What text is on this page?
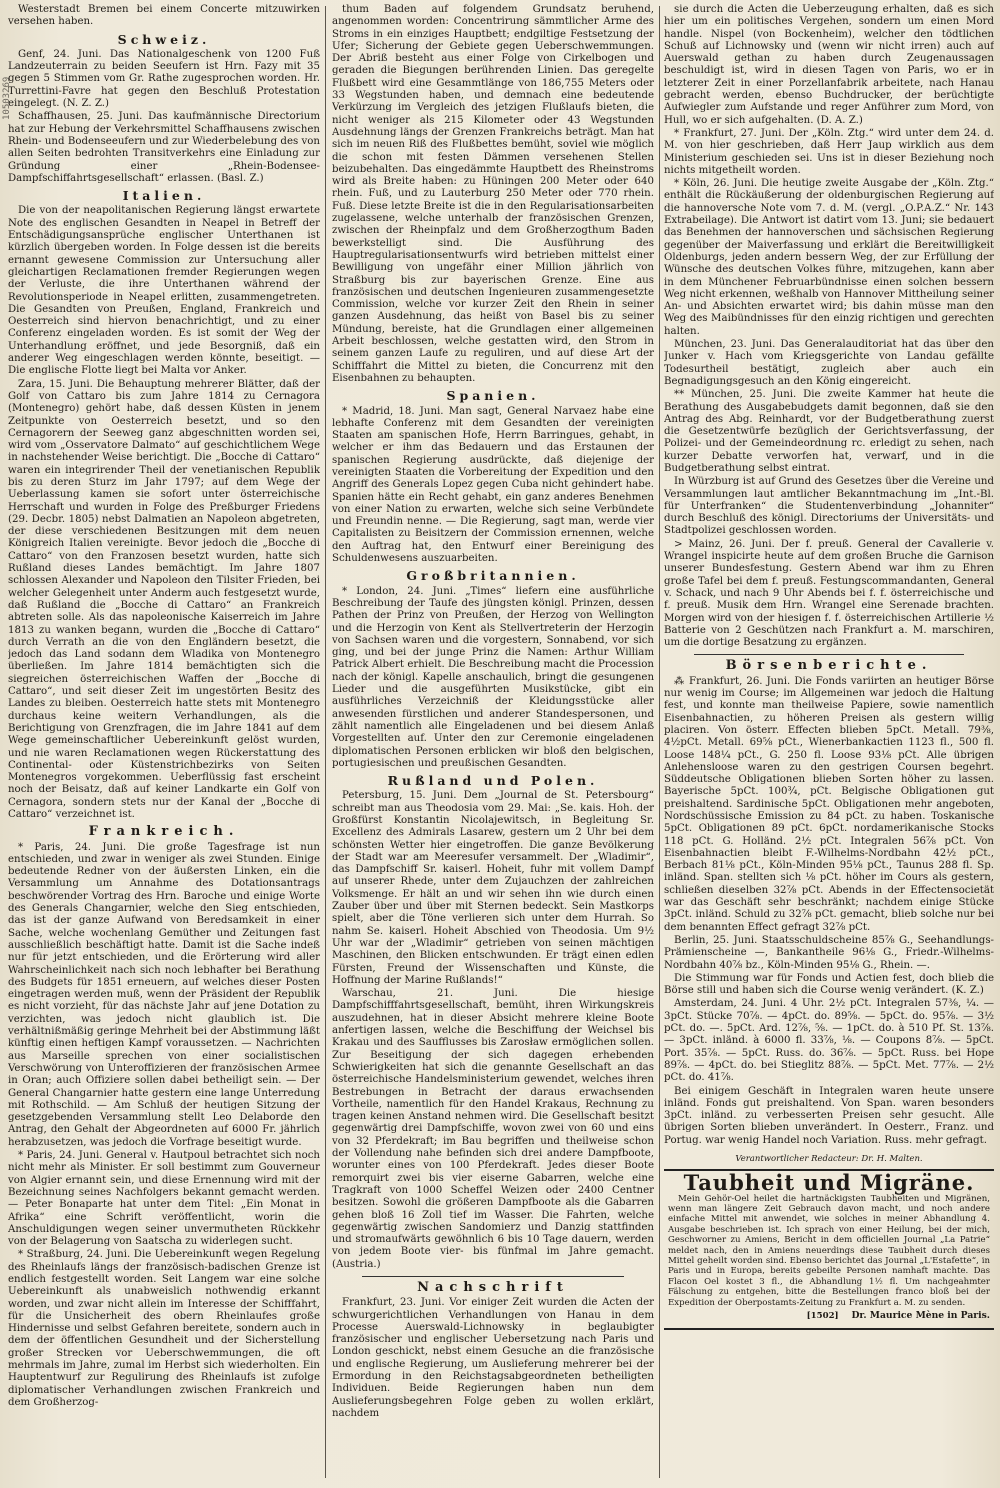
10503269

Westerstadt Bremen bei einem Concerte mitzuwirken versehen haben.

Schweiz.

Genf, 24. Juni. Das Nationalgeschenk von 1200 Fuß Landzeuterrain zu beiden Seeufern ist Hrn. Fazy mit 35 gegen 5 Stimmen vom Gr. Rathe zugesprochen worden. Hr. Turrettini-Favre hat gegen den Beschluß Protestation eingelegt. (N. Z. Z.)

Schaffhausen, 25. Juni. Das kaufmännische Directorium hat zur Hebung der Verkehrsmittel Schaffhausens zwischen Rhein- und Bodenseeufern und zur Wiederbelebung des von allen Seiten bedrohten Transitverkehrs eine Einladung zur Gründung einer „Rhein-Bodensee-Dampfschiffahrtsgesellschaft“ erlassen. (Basl. Z.)

Italien.

Die von der neapolitanischen Regierung längst erwartete Note des englischen Gesandten in Neapel in Betreff der Entschädigungsansprüche englischer Unterthanen ist kürzlich übergeben worden. In Folge dessen ist die bereits ernannt gewesene Commission zur Untersuchung aller gleichartigen Reclamationen fremder Regierungen wegen der Verluste, die ihre Unterthanen während der Revolutionsperiode in Neapel erlitten, zusammengetreten. Die Gesandten von Preußen, England, Frankreich und Oesterreich sind hiervon benachrichtigt, und zu einer Conferenz eingeladen worden. Es ist somit der Weg der Unterhandlung eröffnet, und jede Besorgniß, daß ein anderer Weg eingeschlagen werden könnte, beseitigt. — Die englische Flotte liegt bei Malta vor Anker.

Zara, 15. Juni. Die Behauptung mehrerer Blätter, daß der Golf von Cattaro bis zum Jahre 1814 zu Cernagora (Montenegro) gehört habe, daß dessen Küsten in jenem Zeitpunkte von Oesterreich besetzt, und so den Cernagorern der Seeweg ganz abgeschnitten worden sei, wird vom „Osservatore Dalmato“ auf geschichtlichem Wege in nachstehender Weise berichtigt. Die „Bocche di Cattaro“ waren ein integrirender Theil der venetianischen Republik bis zu deren Sturz im Jahr 1797; auf dem Wege der Ueberlassung kamen sie sofort unter österreichische Herrschaft und wurden in Folge des Preßburger Friedens (29. Decbr. 1805) nebst Dalmatien an Napoleon abgetreten, der diese verschiedenen Besitzungen mit dem neuen Königreich Italien vereinigte. Bevor jedoch die „Bocche di Cattaro“ von den Franzosen besetzt wurden, hatte sich Rußland dieses Landes bemächtigt. Im Jahre 1807 schlossen Alexander und Napoleon den Tilsiter Frieden, bei welcher Gelegenheit unter Anderm auch festgesetzt wurde, daß Rußland die „Bocche di Cattaro“ an Frankreich abtreten solle. Als das napoleonische Kaiserreich im Jahre 1813 zu wanken begann, wurden die „Bocche di Cattaro“ durch Verrath an die von den Engländern besetzt, die jedoch das Land sodann dem Wladika von Montenegro überließen. Im Jahre 1814 bemächtigten sich die siegreichen österreichischen Waffen der „Bocche di Cattaro“, und seit dieser Zeit im ungestörten Besitz des Landes zu bleiben. Oesterreich hatte stets mit Montenegro durchaus keine weitern Verhandlungen, als die Berichtigung von Grenzfragen, die im Jahre 1841 auf dem Wege gemeinschaftlicher Uebereinkunft gelöst wurden, und nie waren Reclamationen wegen Rückerstattung des Continental- oder Küstenstrichbezirks von Seiten Montenegros vorgekommen. Ueberflüssig fast erscheint noch der Beisatz, daß auf keiner Landkarte ein Golf von Cernagora, sondern stets nur der Kanal der „Bocche di Cattaro“ verzeichnet ist.

Frankreich.

* Paris, 24. Juni. Die große Tagesfrage ist nun entschieden, und zwar in weniger als zwei Stunden. Einige bedeutende Redner von der äußersten Linken, ein die Versammlung um Annahme des Dotationsantrags beschwörender Vortrag des Hrn. Baroche und einige Worte des Generals Changarnier, welche den Sieg entschieden, das ist der ganze Aufwand von Beredsamkeit in einer Sache, welche wochenlang Gemüther und Zeitungen fast ausschließlich beschäftigt hatte. Damit ist die Sache indeß nur für jetzt entschieden, und die Erörterung wird aller Wahrscheinlichkeit nach sich noch lebhafter bei Berathung des Budgets für 1851 erneuern, auf welches dieser Posten eingetragen werden muß, wenn der Präsident der Republik es nicht vorzieht, für das nächste Jahr auf jene Dotation zu verzichten, was jedoch nicht glaublich ist. Die verhältnißmäßig geringe Mehrheit bei der Abstimmung läßt künftig einen heftigen Kampf voraussetzen. — Nachrichten aus Marseille sprechen von einer socialistischen Verschwörung von Unteroffizieren der französischen Armee in Oran; auch Offiziere sollen dabei betheiligt sein. — Der General Changarnier hatte gestern eine lange Unterredung mit Rothschild. — Am Schluß der heutigen Sitzung der gesetzgebenden Versammlung stellt Leo Delaborde den Antrag, den Gehalt der Abgeordneten auf 6000 Fr. jährlich herabzusetzen, was jedoch die Vorfrage beseitigt wurde.

* Paris, 24. Juni. General v. Hautpoul betrachtet sich noch nicht mehr als Minister. Er soll bestimmt zum Gouverneur von Algier ernannt sein, und diese Ernennung wird mit der Bezeichnung seines Nachfolgers bekannt gemacht werden. — Peter Bonaparte hat unter dem Titel: „Ein Monat in Afrika“ eine Schrift veröffentlicht, worin die Anschuldigungen wegen seiner unvermutheten Rückkehr von der Belagerung von Saatscha zu widerlegen sucht.

* Straßburg, 24. Juni. Die Uebereinkunft wegen Regelung des Rheinlaufs längs der französisch-badischen Grenze ist endlich festgestellt worden. Seit Langem war eine solche Uebereinkunft als unabweislich nothwendig erkannt worden, und zwar nicht allein im Interesse der Schifffahrt, für die Unsicherheit des obern Rheinlaufes große Hindernisse und selbst Gefahren bereitete, sondern auch in dem der öffentlichen Gesundheit und der Sicherstellung großer Strecken vor Ueberschwemmungen, die oft mehrmals im Jahre, zumal im Herbst sich wiederholten. Ein Hauptentwurf zur Regulirung des Rheinlaufs ist zufolge diplomatischer Verhandlungen zwischen Frankreich und dem Großherzog-

thum Baden auf folgendem Grundsatz beruhend, angenommen worden: Concentrirung sämmtlicher Arme des Stroms in ein einziges Hauptbett; endgiltige Festsetzung der Ufer; Sicherung der Gebiete gegen Ueberschwemmungen. Der Abriß besteht aus einer Folge von Cirkelbogen und geraden die Biegungen berührenden Linien. Das geregelte Flußbett wird eine Gesammtlänge von 186,755 Meters oder 33 Wegstunden haben, und demnach eine bedeutende Verkürzung im Vergleich des jetzigen Flußlaufs bieten, die nicht weniger als 215 Kilometer oder 43 Wegstunden Ausdehnung längs der Grenzen Frankreichs beträgt. Man hat sich im neuen Riß des Flußbettes bemüht, soviel wie möglich die schon mit festen Dämmen versehenen Stellen beizubehalten. Das eingedämmte Hauptbett des Rheinstroms wird als Breite haben: zu Hüningen 200 Meter oder 640 rhein. Fuß, und zu Lauterburg 250 Meter oder 770 rhein. Fuß. Diese letzte Breite ist die in den Regularisationsarbeiten zugelassene, welche unterhalb der französischen Grenzen, zwischen der Rheinpfalz und dem Großherzogthum Baden bewerkstelligt sind. Die Ausführung des Hauptregularisationsentwurfs wird betrieben mittelst einer Bewilligung von ungefähr einer Million jährlich von Straßburg bis zur bayerischen Grenze. Eine aus französischen und deutschen Ingenieuren zusammengesetzte Commission, welche vor kurzer Zeit den Rhein in seiner ganzen Ausdehnung, das heißt von Basel bis zu seiner Mündung, bereiste, hat die Grundlagen einer allgemeinen Arbeit beschlossen, welche gestatten wird, den Strom in seinem ganzen Laufe zu reguliren, und auf diese Art der Schifffahrt die Mittel zu bieten, die Concurrenz mit den Eisenbahnen zu behaupten.

Spanien.

* Madrid, 18. Juni. Man sagt, General Narvaez habe eine lebhafte Conferenz mit dem Gesandten der vereinigten Staaten am spanischen Hofe, Herrn Barringues, gehabt, in welcher er ihm das Bedauern und das Erstaunen der spanischen Regierung ausdrückte, daß diejenige der vereinigten Staaten die Vorbereitung der Expedition und den Angriff des Generals Lopez gegen Cuba nicht gehindert habe. Spanien hätte ein Recht gehabt, ein ganz anderes Benehmen von einer Nation zu erwarten, welche sich seine Verbündete und Freundin nenne. — Die Regierung, sagt man, werde vier Capitalisten zu Beisitzern der Commission ernennen, welche den Auftrag hat, den Entwurf einer Bereinigung des Schuldenwesens auszuarbeiten.

Großbritannien.

* London, 24. Juni. „Times“ liefern eine ausführliche Beschreibung der Taufe des jüngsten königl. Prinzen, dessen Pathen der Prinz von Preußen, der Herzog von Wellington und die Herzogin von Kent als Stellvertreterin der Herzogin von Sachsen waren und die vorgestern, Sonnabend, vor sich ging, und bei der junge Prinz die Namen: Arthur William Patrick Albert erhielt. Die Beschreibung macht die Procession nach der königl. Kapelle anschaulich, bringt die gesungenen Lieder und die ausgeführten Musikstücke, gibt ein ausführliches Verzeichniß der Kleidungsstücke aller anwesenden fürstlichen und anderer Standespersonen, und zählt namentlich alle Eingeladenen und bei diesem Anlaß Vorgestellten auf. Unter den zur Ceremonie eingeladenen diplomatischen Personen erblicken wir bloß den belgischen, portugiesischen und preußischen Gesandten.

Rußland und Polen.

Petersburg, 15. Juni. Dem „Journal de St. Petersbourg“ schreibt man aus Theodosia vom 29. Mai: „Se. kais. Hoh. der Großfürst Konstantin Nicolajewitsch, in Begleitung Sr. Excellenz des Admirals Lasarew, gestern um 2 Uhr bei dem schönsten Wetter hier eingetroffen. Die ganze Bevölkerung der Stadt war am Meeresufer versammelt. Der „Wladimir“, das Dampfschiff Sr. kaiserl. Hoheit, fuhr mit vollem Dampf auf unserer Rhede, unter dem Zujauchzen der zahlreichen Volksmenge. Er hält an und wir sehen ihn wie durch einen Zauber über und über mit Sternen bedeckt. Sein Mastkorps spielt, aber die Töne verlieren sich unter dem Hurrah. So nahm Se. kaiserl. Hoheit Abschied von Theodosia. Um 9½ Uhr war der „Wladimir“ getrieben von seinen mächtigen Maschinen, den Blicken entschwunden. Er trägt einen edlen Fürsten, Freund der Wissenschaften und Künste, die Hoffnung der Marine Rußlands!“

Warschau, 21. Juni. Die hiesige Dampfschifffahrtsgesellschaft, bemüht, ihren Wirkungskreis auszudehnen, hat in dieser Absicht mehrere kleine Boote anfertigen lassen, welche die Beschiffung der Weichsel bis Krakau und des Saufflusses bis Zarosław ermöglichen sollen. Zur Beseitigung der sich dagegen erhebenden Schwierigkeiten hat sich die genannte Gesellschaft an das österreichische Handelsministerium gewendet, welches ihren Bestrebungen in Betracht der daraus erwachsenden Vortheile, namentlich für den Handel Krakaus, Rechnung zu tragen keinen Anstand nehmen wird. Die Gesellschaft besitzt gegenwärtig drei Dampfschiffe, wovon zwei von 60 und eins von 32 Pferdekraft; im Bau begriffen und theilweise schon der Vollendung nahe befinden sich drei andere Dampfboote, worunter eines von 100 Pferdekraft. Jedes dieser Boote remorquirt zwei bis vier eiserne Gabarren, welche eine Tragkraft von 1000 Scheffel Weizen oder 2400 Centner besitzen. Sowohl die größeren Dampfboote als die Gabarren gehen bloß 16 Zoll tief im Wasser. Die Fahrten, welche gegenwärtig zwischen Sandomierz und Danzig stattfinden und stromaufwärts gewöhnlich 6 bis 10 Tage dauern, werden von jedem Boote vier- bis fünfmal im Jahre gemacht. (Austria.)

Nachschrift

Frankfurt, 23. Juni. Vor einiger Zeit wurden die Acten der schwurgerichtlichen Verhandlungen von Hanau in dem Processe Auerswald-Lichnowsky in beglaubigter französischer und englischer Uebersetzung nach Paris und London geschickt, nebst einem Gesuche an die französische und englische Regierung, um Auslieferung mehrerer bei der Ermordung in den Reichstagsabgeordneten betheiligten Individuen. Beide Regierungen haben nun dem Auslieferungsbegehren Folge geben zu wollen erklärt, nachdem

sie durch die Acten die Ueberzeugung erhalten, daß es sich hier um ein politisches Vergehen, sondern um einen Mord handle. Nispel (von Bockenheim), welcher den tödtlichen Schuß auf Lichnowsky und (wenn wir nicht irren) auch auf Auerswald gethan zu haben durch Zeugenaussagen beschuldigt ist, wird in diesen Tagen von Paris, wo er in letzterer Zeit in einer Porzellanfabrik arbeitete, nach Hanau gebracht werden, ebenso Buchdrucker, der berüchtigte Aufwiegler zum Aufstande und reger Anführer zum Mord, von Hull, wo er sich aufgehalten. (D. A. Z.)

* Frankfurt, 27. Juni. Der „Köln. Ztg.“ wird unter dem 24. d. M. von hier geschrieben, daß Herr Jaup wirklich aus dem Ministerium geschieden sei. Uns ist in dieser Beziehung noch nichts mitgetheilt worden.

* Köln, 26. Juni. Die heutige zweite Ausgabe der „Köln. Ztg.“ enthält die Rückäußerung der oldenburgischen Regierung auf die hannoversche Note vom 7. d. M. (vergl. „O.P.A.Z.“ Nr. 143 Extrabeilage). Die Antwort ist datirt vom 13. Juni; sie bedauert das Benehmen der hannoverschen und sächsischen Regierung gegenüber der Maiverfassung und erklärt die Bereitwilligkeit Oldenburgs, jeden andern bessern Weg, der zur Erfüllung der Wünsche des deutschen Volkes führe, mitzugehen, kann aber in dem Münchener Februarbündnisse einen solchen bessern Weg nicht erkennen, weßhalb von Hannover Mittheilung seiner An- und Absichten erwartet wird; bis dahin müsse man den Weg des Maibündnisses für den einzig richtigen und gerechten halten.

München, 23. Juni. Das Generalauditoriat hat das über den Junker v. Hach vom Kriegsgerichte von Landau gefällte Todesurtheil bestätigt, zugleich aber auch ein Begnadigungsgesuch an den König eingereicht.

** München, 25. Juni. Die zweite Kammer hat heute die Berathung des Ausgabebudgets damit begonnen, daß sie den Antrag des Abg. Reinhardt, vor der Budgetberathung zuerst die Gesetzentwürfe bezüglich der Gerichtsverfassung, der Polizei- und der Gemeindeordnung rc. erledigt zu sehen, nach kurzer Debatte verworfen hat, verwarf, und in die Budgetberathung selbst eintrat.

In Würzburg ist auf Grund des Gesetzes über die Vereine und Versammlungen laut amtlicher Bekanntmachung im „Int.-Bl. für Unterfranken“ die Studentenverbindung „Johanniter“ durch Beschluß des königl. Directoriums der Universitäts- und Stadtpolizei geschlossen worden.

> Mainz, 26. Juni. Der f. preuß. General der Cavallerie v. Wrangel inspicirte heute auf dem großen Bruche die Garnison unserer Bundesfestung. Gestern Abend war ihm zu Ehren große Tafel bei dem f. preuß. Festungscommandanten, General v. Schack, und nach 9 Uhr Abends bei f. f. österreichische und f. preuß. Musik dem Hrn. Wrangel eine Serenade brachten. Morgen wird von der hiesigen f. f. österreichischen Artillerie ½ Batterie von 2 Geschützen nach Frankfurt a. M. marschiren, um die dortige Besatzung zu ergänzen.

Börsenberichte.

⁂ Frankfurt, 26. Juni. Die Fonds variirten an heutiger Börse nur wenig im Course; im Allgemeinen war jedoch die Haltung fest, und konnte man theilweise Papiere, sowie namentlich Eisenbahnactien, zu höheren Preisen als gestern willig placiren. Von österr. Effecten blieben 5pCt. Metall. 79⅜, 4½pCt. Metall. 69⅝ pCt., Wienerbankactien 1123 fl., 500 fl. Loose 148¼ pCt., G. 250 fl. Loose 93⅛ pCt. Alle übrigen Anlehensloose waren zu den gestrigen Coursen begehrt. Süddeutsche Obligationen blieben Sorten höher zu lassen. Bayerische 5pCt. 100¾, pCt. Belgische Obligationen gut preishaltend. Sardinische 5pCt. Obligationen mehr angeboten, Nordschüssische Emission zu 84 pCt. zu haben. Toskanische 5pCt. Obligationen 89 pCt. 6pCt. nordamerikanische Stocks 118 pCt. G. Holländ. 2½ pCt. Integralen 56⅞ pCt. Von Eisenbahnactien bleibt F.-Wilhelms-Nordbahn 42½ pCt., Berbach 81⅛ pCt., Köln-Minden 95⅛ pCt., Taunus 288 fl. Sp. inländ. Span. stellten sich ⅛ pCt. höher im Cours als gestern, schließen dieselben 32⅞ pCt. Abends in der Effectensocietät war das Geschäft sehr beschränkt; nachdem einige Stücke 3pCt. inländ. Schuld zu 32⅞ pCt. gemacht, blieb solche nur bei dem benannten Effect gefragt 32⅞ pCt.

Berlin, 25. Juni. Staatsschuldscheine 85⅞ G., Seehandlungs-Prämienscheine —, Bankantheile 96⅛ G., Friedr.-Wilhelms-Nordbahn 40⅞ bz., Köln-Minden 95⅛ G., Rhein. —.

Die Stimmung war für Fonds und Actien fest, doch blieb die Börse still und haben sich die Course wenig verändert. (K. Z.)

Amsterdam, 24. Juni. 4 Uhr. 2½ pCt. Integralen 57⅜, ¼. — 3pCt. Stücke 70⅞. — 4pCt. do. 89⅝. — 5pCt. do. 95⅞. — 3½ pCt. do. —. 5pCt. Ard. 12⅞, ⅝. — 1pCt. do. à 510 Pf. St. 13⅞. — 3pCt. inländ. à 6000 fl. 33⅞, ⅛. — Coupons 8⅞. — 5pCt. Port. 35⅞. — 5pCt. Russ. do. 36⅞. — 5pCt. Russ. bei Hope 89⅞. — 4pCt. do. bei Stieglitz 88⅞. — 5pCt. Met. 77⅞. — 2½ pCt. do. 41⅞.

Bei einigem Geschäft in Integralen waren heute unsere inländ. Fonds gut preishaltend. Von Span. waren besonders 3pCt. inländ. zu verbesserten Preisen sehr gesucht. Alle übrigen Sorten blieben unverändert. In Oesterr., Franz. und Portug. war wenig Handel noch Variation. Russ. mehr gefragt.

Verantwortlicher Redacteur: Dr. H. Malten.
Taubheit und Migräne.

Mein Gehör-Oel heilet die hartnäckigsten Taubheiten und Migränen, wenn man längere Zeit Gebrauch davon macht, und noch andere einfache Mittel mit anwendet, wie solches in meiner Abhandlung 4. Ausgabe beschrieben ist. Ich sprach von einer Heilung, bei der mich, Geschworner zu Amiens, Bericht in dem officiellen Journal „La Patrie“ meldet nach, den in Amiens neuerdings diese Taubheit durch dieses Mittel geheilt worden sind. Ebenso berichtet das Journal „L'Estafette“, in Paris und in Europa, bereits gebeilte Personen namhaft machte. Das Flacon Oel kostet 3 fl., die Abhandlung 1½ fl. Um nachgeahmter Fälschung zu entgehen, bitte die Bestellungen franco bloß bei der Expedition der Oberpostamts-Zeitung zu Frankfurt a. M. zu senden.

[1502] Dr. Maurice Mène in Paris.
